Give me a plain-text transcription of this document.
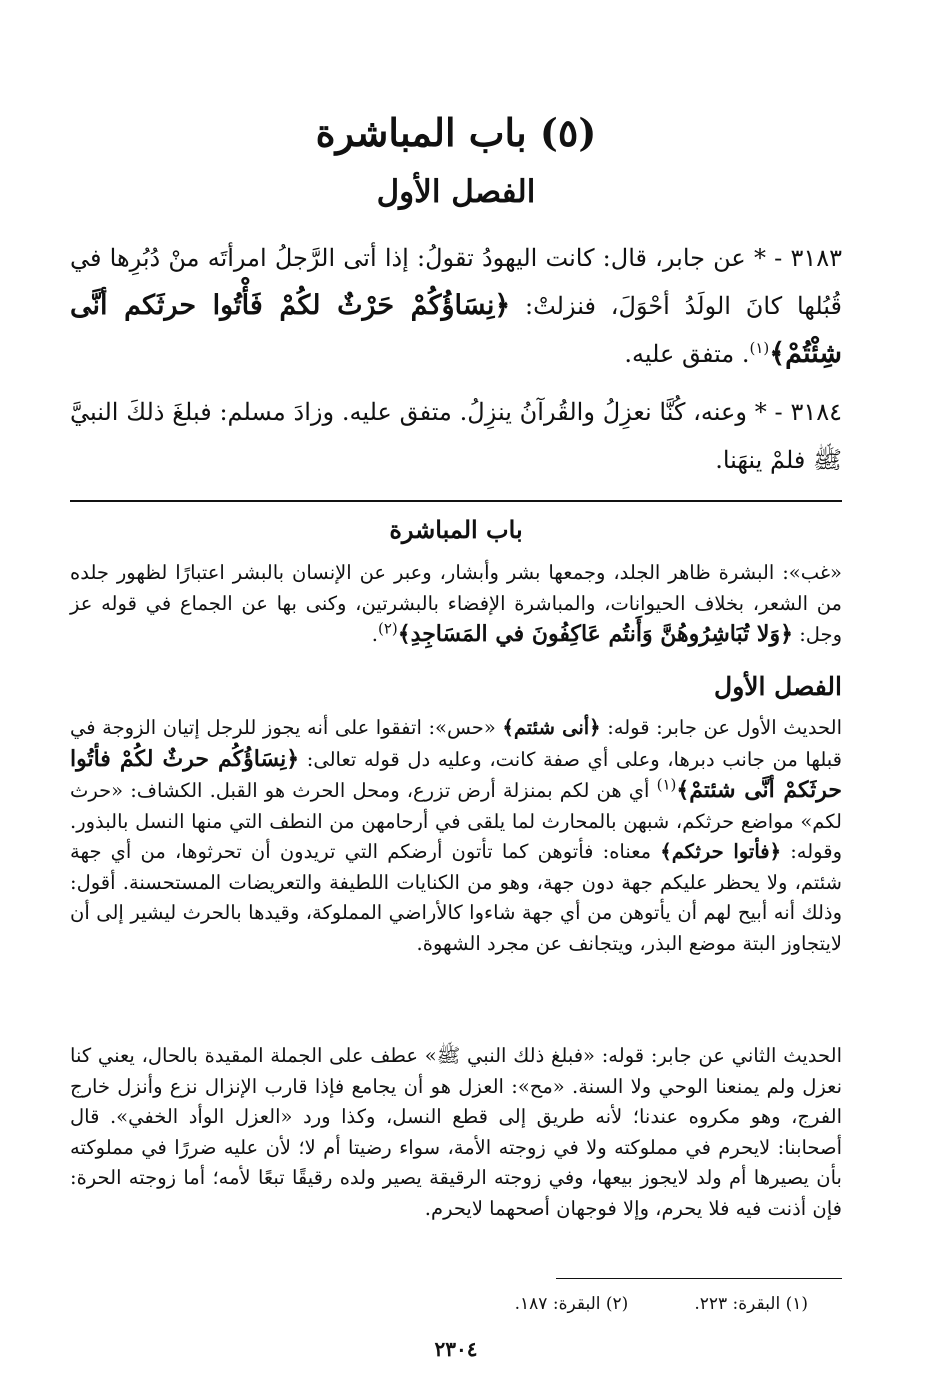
(٥) باب المباشرة
الفصل الأول

٣١٨٣ - * عن جابر، قال: كانت اليهودُ تقولُ: إذا أتى الرَّجلُ امرأتَه منْ دُبُرِها في قُبُلها كانَ الولَدُ أحْوَلَ، فنزلتْ: ﴿نِسَاؤُكُمْ حَرْثٌ لكُمْ فَأْتُوا حرثَكم أنَّى شِئْتُمْ﴾$^{(١)}$. متفق عليه.

٣١٨٤ - * وعنه، كُنَّا نعزِلُ والقُرآنُ ينزِلُ. متفق عليه. وزادَ مسلم: فبلغَ ذلكَ النبيَّ ﷺ فلمْ ينهَنا.

باب المباشرة

«غب»: البشرة ظاهر الجلد، وجمعها بشر وأبشار، وعبر عن الإنسان بالبشر اعتبارًا لظهور جلده من الشعر، بخلاف الحيوانات، والمباشرة الإفضاء بالبشرتين، وكنى بها عن الجماع في قوله عز وجل: ﴿وَلا تُبَاشِرُوهُنَّ وَأَنتُم عَاكِفُونَ في المَسَاجِدِ﴾$^{(٢)}$.

الفصل الأول

الحديث الأول عن جابر: قوله: ﴿أنى شئتم﴾ «حس»: اتفقوا على أنه يجوز للرجل إتيان الزوجة في قبلها من جانب دبرها، وعلى أي صفة كانت، وعليه دل قوله تعالى: ﴿نِسَاؤُكُم حرثٌ لكُمْ فأتُوا حرثَكمْ أنَّى شئتمْ﴾$^{(١)}$ أي هن لكم بمنزلة أرض تزرع، ومحل الحرث هو القبل. الكشاف: «حرث لكم» مواضع حرثكم، شبهن بالمحارث لما يلقى في أرحامهن من النطف التي منها النسل بالبذور. وقوله: ﴿فأتوا حرثكم﴾ معناه: فأتوهن كما تأتون أرضكم التي تريدون أن تحرثوها، من أي جهة شئتم، ولا يحظر عليكم جهة دون جهة، وهو من الكنايات اللطيفة والتعريضات المستحسنة. أقول: وذلك أنه أبيح لهم أن يأتوهن من أي جهة شاءوا كالأراضي المملوكة، وقيدها بالحرث ليشير إلى أن لايتجاوز البتة موضع البذر، ويتجانف عن مجرد الشهوة.

الحديث الثاني عن جابر: قوله: «فبلغ ذلك النبي ﷺ» عطف على الجملة المقيدة بالحال، يعني كنا نعزل ولم يمنعنا الوحي ولا السنة. «مح»: العزل هو أن يجامع فإذا قارب الإنزال نزع وأنزل خارج الفرج، وهو مكروه عندنا؛ لأنه طريق إلى قطع النسل، وكذا ورد «العزل الوأد الخفي». قال أصحابنا: لايحرم في مملوكته ولا في زوجته الأمة، سواء رضيتا أم لا؛ لأن عليه ضررًا في مملوكته بأن يصيرها أم ولد لايجوز بيعها، وفي زوجته الرقيقة يصير ولده رقيقًا تبعًا لأمه؛ أما زوجته الحرة: فإن أذنت فيه فلا يحرم، وإلا فوجهان أصحهما لايحرم.

(١) البقرة: ٢٢٣.(٢) البقرة: ١٨٧.
٢٣٠٤
